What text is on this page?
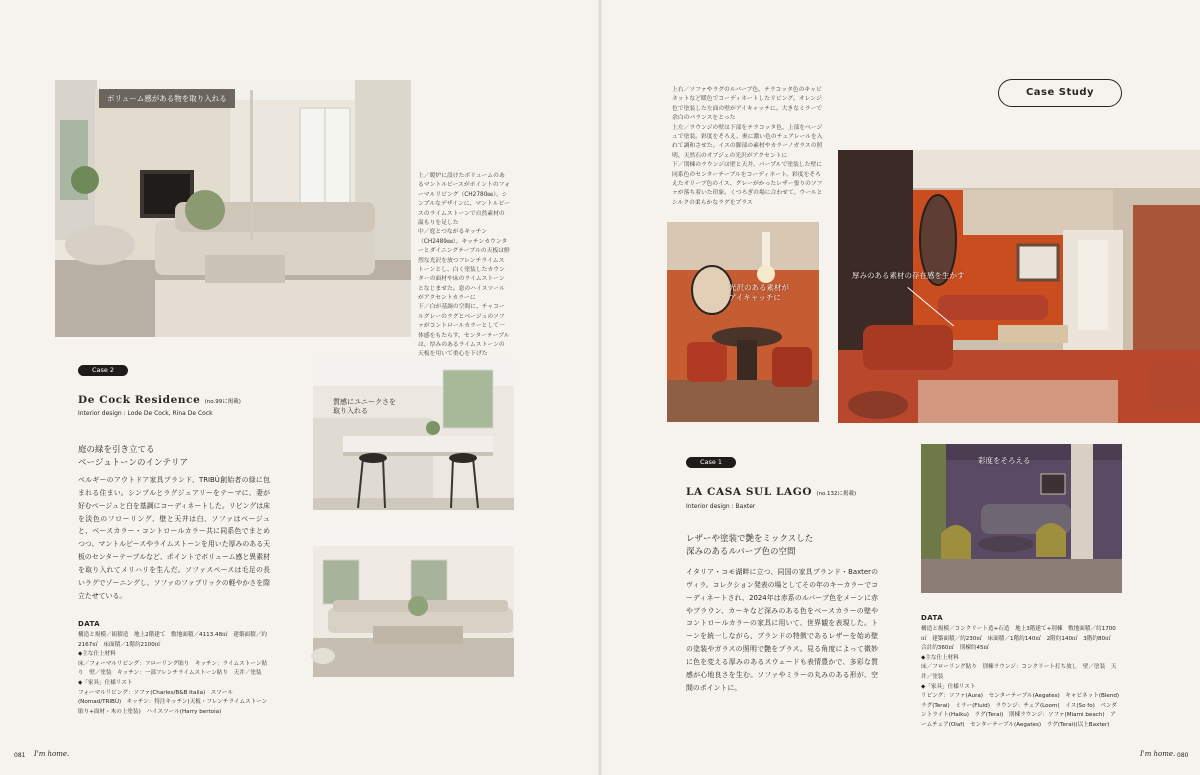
ボリューム感がある物を取り入れる
上／暖炉に設けたボリュームのあるマントルピースがポイントのフォーマルリビング（CH2780㎜）。シンプルなデザインに、マントルピースのライムストーンで自然素材の温もりを足した
中／庭とつながるキッチン（CH2489㎜）。キッチンカウンターとダイニングテーブルの天板は鮮烈な光沢を放つフレンチライムストーンとし、白く塗装したカウンターの面材や床のライムストーンとなじませた。窓のハイスツールがアクセントカラーに
下／白が基調の空間に、チャコールグレーのラグとベージュのソファがコントロールカラーとして一体感をもたらす。センターテーブルは、厚みのあるライムストーンの天板を用いて重心を下げた
質感にユニークさを
取り入れる
Case 2
De Cock Residence (no.99に掲載)
Interior design : Lode De Cock, Rina De Cock
庭の緑を引き立てる
ベージュトーンのインテリア
ベルギーのアウトドア家具ブランド、TRIBÙ創始者の緑に包まれる住まい。シンプルとラグジュアリーをテーマに、妻が好むベージュと白を基調にコーディネートした。リビングは床を淡色のフローリング、壁と天井は白、ソファはベージュと、ベースカラー・コントロールカラー共に同系色でまとめつつ、マントルピースやライムストーンを用いた厚みのある天板のセンターテーブルなど、ポイントでボリューム感と異素材を取り入れてメリハリを生んだ。ソファスペースは毛足の長いラグでゾーニングし、ソファのファブリックの軽やかさを際立たせている。
DATA
構造と規模／組積造　地上2階建て　敷地面積／4113.48㎡　建築面積／約2167㎡　床面積／1階約2100㎡
◆主な仕上材料
床／フォーマルリビング：フローリング貼り　キッチン：ライムストーン貼り　壁／塗装　キッチン：一部フレンチライムストーン貼り　天井／塗装
◆「家具」仕様リスト
フォーマルリビング：ソファ(Charles/B&B Italia)　スツール(Nomad/TRIBÙ)　キッチン：特注キッチン(天板・フレンチライムストーン貼り+面材・木の上塗装)　ハイスツール(Harry bertoia)
081 I'm home.
上右／ソファやラグのルバーブ色、テラコッタ色のキャビネットなど暖色でコーディネートしたリビング。オレンジ色で塗装した左面の壁がアイキャッチに。大きなミラーで余白のバランスをとった
上左／ラウンジの壁は下部をテラコッタ色、上部をベージュで塗装。彩度をそろえ、奥に濃い色のチェアレールを入れて調和させた。イスの脚部の素材やカラーノガラスの照明、天然石のオブジェの光沢がアクセントに
下／別棟のラウンジは壁と天井、パープルで塗装した壁に同系色のセンターテーブルをコーディネート。彩度をそろえたオリーブ色のイス、グレーがかったレザー張りのソファが落ち着いた印象。くつろぎの場に合わせて、ウールとシルクの柔らかなラグをプラス
厚みのある素材の存在感を生かす
Case Study
光沢のある素材が
アイキャッチに
Case 1
LA CASA SUL LAGO (no.132に掲載)
Interior design : Baxter
レザーや塗装で艶をミックスした
深みのあるルバーブ色の空間
イタリア・コモ湖畔に立つ、同国の家具ブランド・Baxterのヴィラ。コレクション発表の場としてその年のキーカラーでコーディネートされ、2024年は赤系のルバーブ色をメーンに赤やブラウン、カーキなど深みのある色をベースカラーの壁やコントロールカラーの家具に用いて、世界観を表現した。トーンを統一しながら、ブランドの特徴であるレザーを始め壁の塗装やガラスの照明で艶をプラス。見る角度によって微妙に色を変える厚みのあるスウェードも表情豊かで、多彩な質感が心地良さを生む。ソファやミラーの丸みのある形が、空間のポイントに。
彩度をそろえる
DATA
構造と規模／コンクリート造+石造　地上3階建て+別棟　敷地面積／約1700㎡　建築面積／約230㎡　床面積／1階約140㎡　2階約140㎡　3階約80㎡　合計約360㎡　別棟約45㎡
◆主な仕上材料
床／フローリング貼り　別棟ラウンジ：コンクリート打ち放し　壁／塗装　天井／塗装
◆「家具」仕様リスト
リビング：ソファ(Aura)　センターテーブル(Aegates)　キャビネット(Blend)　ラグ(Terai)　ミラー(Fluid)　ラウンジ：チェア(Loom)　イス(So fo)　ペンダントライト(Haiku)　ラグ(Terai)　別棟ラウンジ：ソファ(Miami beach)　アームチェア(Olaf)　センターテーブル(Aegates)　ラグ(Terai)(以上Baxter)
I'm home. 080
